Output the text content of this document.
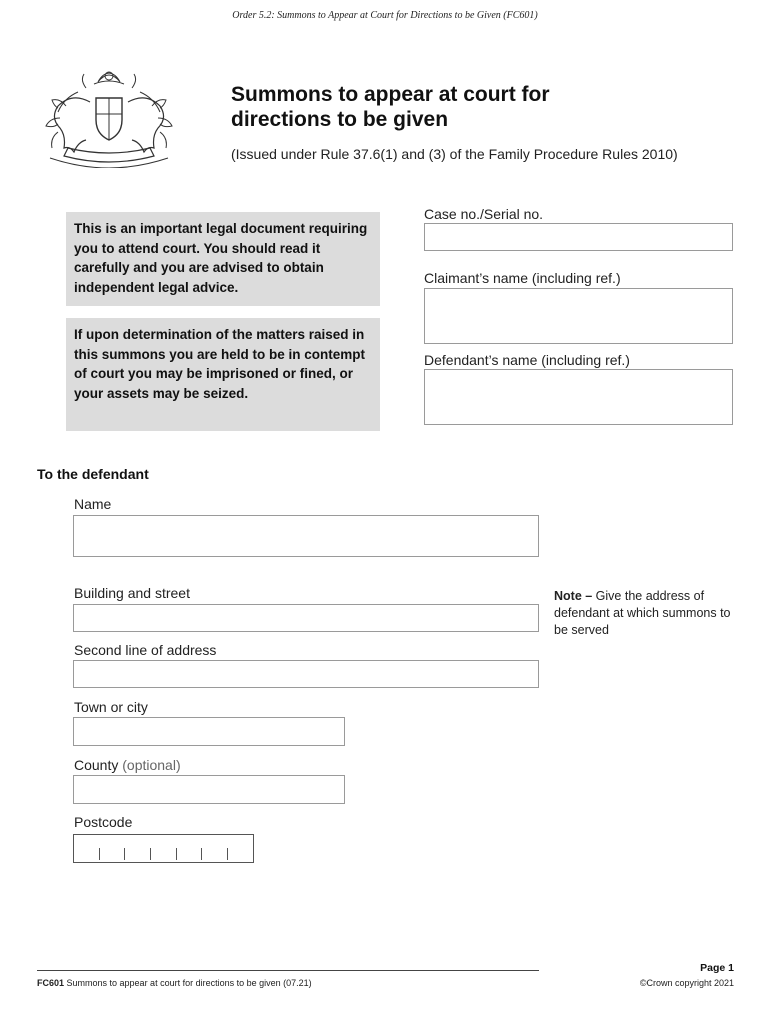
Order 5.2: Summons to Appear at Court for Directions to be Given (FC601)
Summons to appear at court for
directions to be given
(Issued under Rule 37.6(1) and (3) of the Family Procedure Rules 2010)
This is an important legal document requiring you to attend court. You should read it carefully and you are advised to obtain independent legal advice.
If upon determination of the matters raised in this summons you are held to be in contempt of court you may be imprisoned or fined, or your assets may be seized.
Case no./Serial no.
Claimant’s name (including ref.)
Defendant’s name (including ref.)
To the defendant
Name
Building and street
Second line of address
Town or city
County (optional)
Postcode
Note – Give the address of defendant at which summons to be served
FC601 Summons to appear at court for directions to be given (07.21)
Page 1
©Crown copyright 2021
